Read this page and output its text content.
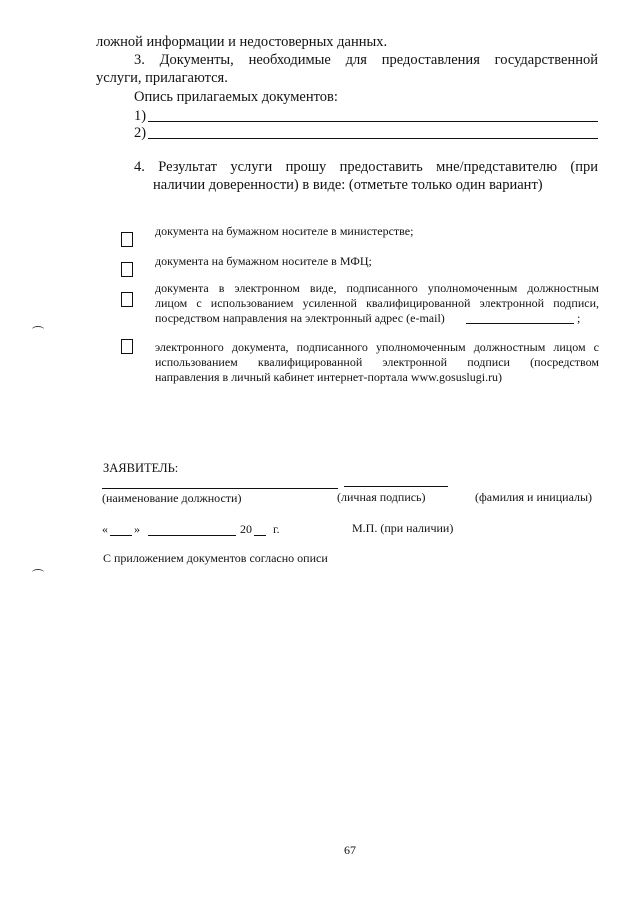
ложной информации и недостоверных данных.
3. Документы, необходимые для предоставления государственной
услуги, прилагаются.
Опись прилагаемых документов:
1)
2)
4. Результат услуги прошу предоставить мне/представителю (при
наличии доверенности) в виде: (отметьте только один вариант)
документа на бумажном носителе в министерстве;
документа на бумажном носителе в МФЦ;
документа в электронном виде, подписанного уполномоченным должностным
лицом с использованием усиленной квалифицированной электронной подписи,
посредством направления на электронный адрес (e-mail)	;
электронного документа, подписанного уполномоченным должностным лицом с
использованием квалифицированной электронной подписи (посредством
направления в личный кабинет интернет-портала www.gosuslugi.ru)
ЗАЯВИТЕЛЬ:
(наименование должности)	(личная подпись)	(фамилия и инициалы)
« »	20 г.	М.П. (при наличии)
С приложением документов согласно описи
67
